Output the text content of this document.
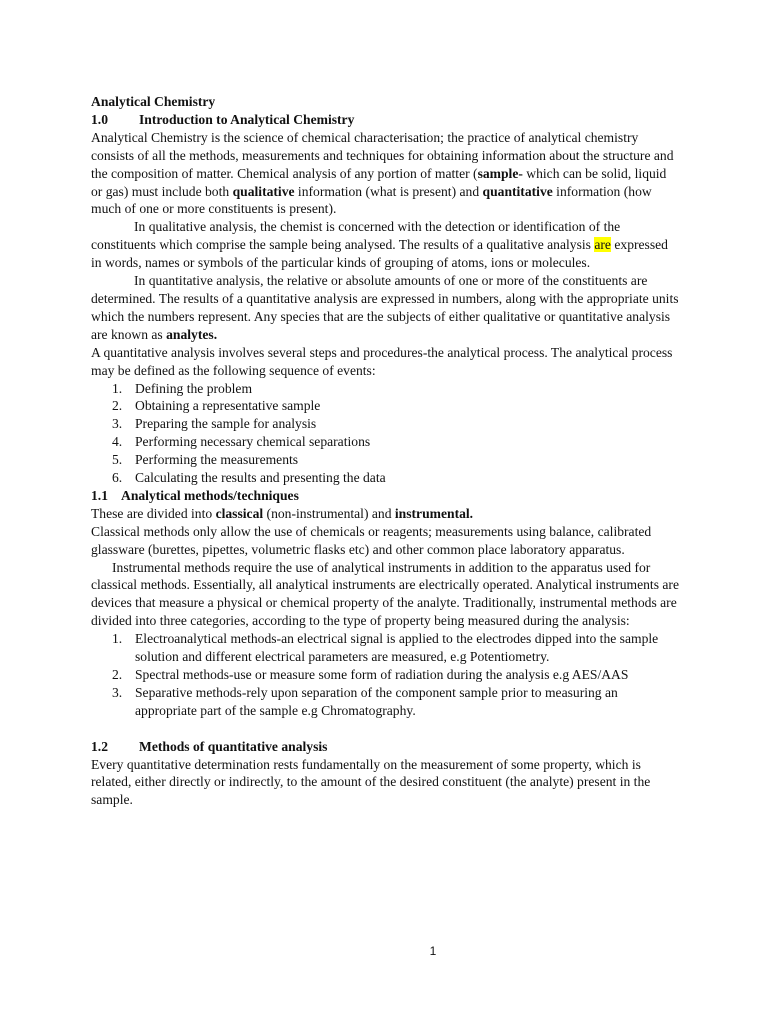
Analytical Chemistry

1.0 Introduction to Analytical Chemistry

Analytical Chemistry is the science of chemical characterisation; the practice of analytical chemistry consists of all the methods, measurements and techniques for obtaining information about the structure and the composition of matter. Chemical analysis of any portion of matter (sample- which can be solid, liquid or gas) must include both qualitative information (what is present) and quantitative information (how much of one or more constituents is present).

In qualitative analysis, the chemist is concerned with the detection or identification of the constituents which comprise the sample being analysed. The results of a qualitative analysis are expressed in words, names or symbols of the particular kinds of grouping of atoms, ions or molecules.

In quantitative analysis, the relative or absolute amounts of one or more of the constituents are determined. The results of a quantitative analysis are expressed in numbers, along with the appropriate units which the numbers represent. Any species that are the subjects of either qualitative or quantitative analysis are known as analytes.

A quantitative analysis involves several steps and procedures-the analytical process. The analytical process may be defined as the following sequence of events:

1. Defining the problem
2. Obtaining a representative sample
3. Preparing the sample for analysis
4. Performing necessary chemical separations
5. Performing the measurements
6. Calculating the results and presenting the data

1.1 Analytical methods/techniques

These are divided into classical (non-instrumental) and instrumental.

Classical methods only allow the use of chemicals or reagents; measurements using balance, calibrated glassware (burettes, pipettes, volumetric flasks etc) and other common place laboratory apparatus.

Instrumental methods require the use of analytical instruments in addition to the apparatus used for classical methods. Essentially, all analytical instruments are electrically operated. Analytical instruments are devices that measure a physical or chemical property of the analyte. Traditionally, instrumental methods are divided into three categories, according to the type of property being measured during the analysis:

1. Electroanalytical methods-an electrical signal is applied to the electrodes dipped into the sample solution and different electrical parameters are measured, e.g Potentiometry.
2. Spectral methods-use or measure some form of radiation during the analysis e.g AES/AAS
3. Separative methods-rely upon separation of the component sample prior to measuring an appropriate part of the sample e.g Chromatography.

1.2 Methods of quantitative analysis

Every quantitative determination rests fundamentally on the measurement of some property, which is related, either directly or indirectly, to the amount of the desired constituent (the analyte) present in the sample.

1
